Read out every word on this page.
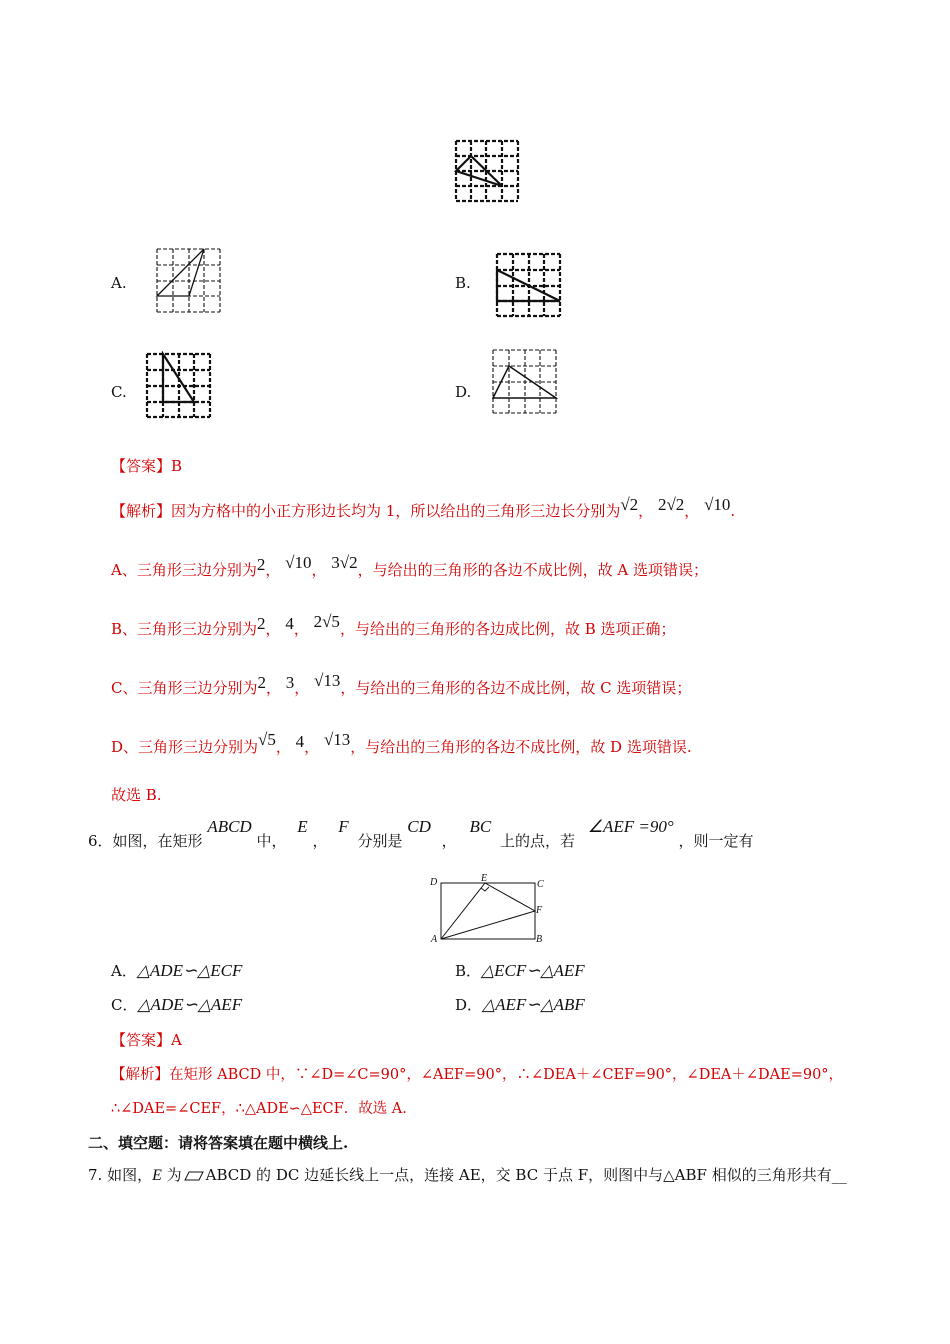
A.	B.
C.	D.
【答案】B
【解析】因为方格中的小正方形边长均为 1，所以给出的三角形三边长分别为√2， 2√2， √10.
A、三角形三边分别为2， √10， 3√2，与给出的三角形的各边不成比例，故 A 选项错误；
B、三角形三边分别为2， 4， 2√5，与给出的三角形的各边成比例，故 B 选项正确；
C、三角形三边分别为2， 3， √13，与给出的三角形的各边不成比例，故 C 选项错误；
D、三角形三边分别为√5， 4， √13，与给出的三角形的各边不成比例，故 D 选项错误.
故选 B.
6．如图，在矩形 ABCD 中， E ， F 分别是 CD ， BC 上的点，若 ∠AEF =90° ，则一定有
D	E
C
F
A	B
A．△ADE∽△ECF	B．△ECF∽△AEF
C．△ADE∽△AEF	D．△AEF∽△ABF
【答案】A
【解析】在矩形 ABCD 中，∵∠D=∠C=90°，∠AEF=90°，∴∠DEA＋∠CEF=90°，∠DEA＋∠DAE=90°，
∴∠DAE=∠CEF，∴△ADE∽△ECF．故选 A.
二、填空题：请将答案填在题中横线上.
7. 如图，E 为 ABCD 的 DC 边延长线上一点，连接 AE，交 BC 于点 F，则图中与△ABF 相似的三角形共有__
